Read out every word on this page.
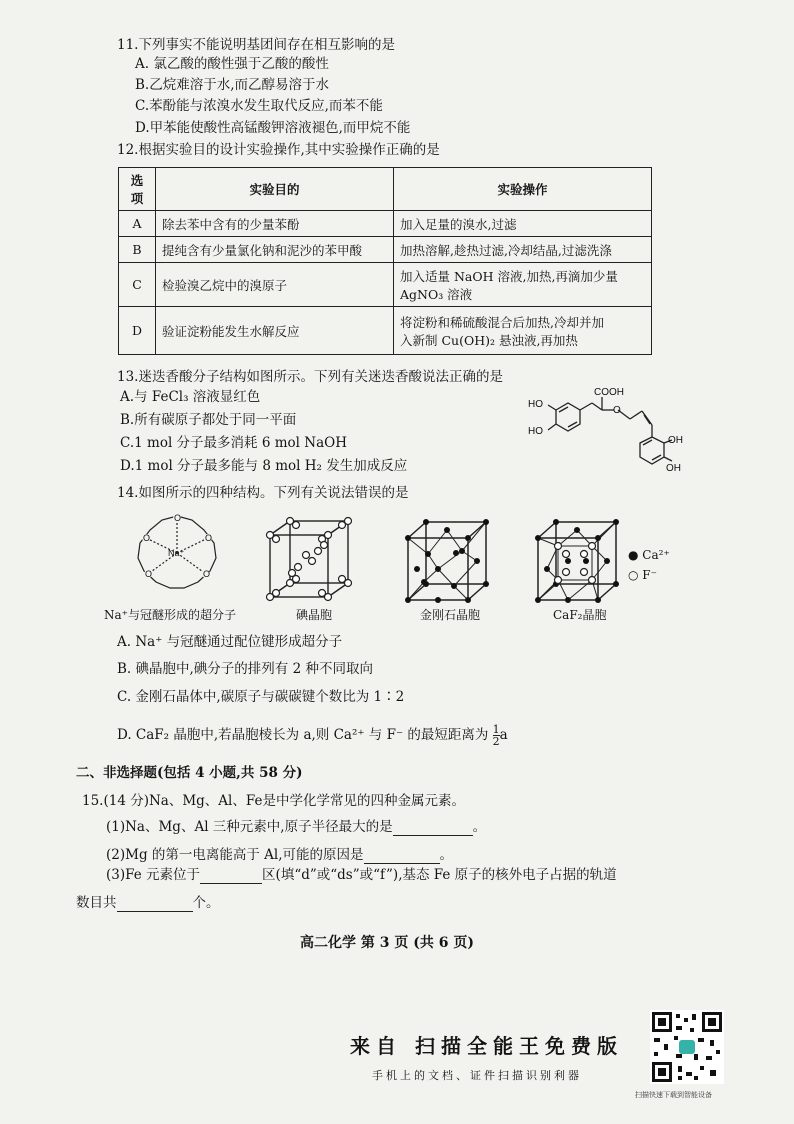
11.下列事实不能说明基团间存在相互影响的是
A. 氯乙酸的酸性强于乙酸的酸性
B.乙烷难溶于水,而乙醇易溶于水
C.苯酚能与浓溴水发生取代反应,而苯不能
D.甲苯能使酸性高锰酸钾溶液褪色,而甲烷不能
12.根据实验目的设计实验操作,其中实验操作正确的是
选项	实验目的	实验操作
A	除去苯中含有的少量苯酚	加入足量的溴水,过滤
B	提纯含有少量氯化钠和泥沙的苯甲酸	加热溶解,趁热过滤,冷却结晶,过滤洗涤
C	检验溴乙烷中的溴原子	加入适量 NaOH 溶液,加热,再滴加少量
AgNO₃ 溶液

D	验证淀粉能发生水解反应	将淀粉和稀硫酸混合后加热,冷却并加
入新制 Cu(OH)₂ 悬浊液,再加热
13.迷迭香酸分子结构如图所示。下列有关迷迭香酸说法正确的是
A.与 FeCl₃ 溶液显红色
B.所有碳原子都处于同一平面
C.1 mol 分子最多消耗 6 mol NaOH
D.1 mol 分子最多能与 8 mol H₂ 发生加成反应
COOH
O
HO
HO
OH
OH
14.如图所示的四种结构。下列有关说法错误的是
O
O
O
O
O
Na⁺	● Ca²⁺
○ F⁻
Na⁺与冠醚形成的超分子	碘晶胞	金刚石晶胞	CaF₂晶胞
A. Na⁺ 与冠醚通过配位键形成超分子
B. 碘晶胞中,碘分子的排列有 2 种不同取向
C. 金刚石晶体中,碳原子与碳碳键个数比为 1∶2
D. CaF₂ 晶胞中,若晶胞棱长为 a,则 Ca²⁺ 与 F⁻ 的最短距离为 $\frac{1}{2}$ a
二、非选择题(包括 4 小题,共 58 分)
15.(14 分)Na、Mg、Al、Fe是中学化学常见的四种金属元素。
(1)Na、Mg、Al 三种元素中,原子半径最大的是	。
(2)Mg 的第一电离能高于 Al,可能的原因是	。
(3)Fe 元素位于	区(填“d”或“ds”或“f”),基态 Fe 原子的核外电子占据的轨道
数目共	个。
高二化学 第 3 页 (共 6 页)
来自 扫描全能王免费版
手机上的文档、证件扫描识别利器
扫描快速下载到智能设备
